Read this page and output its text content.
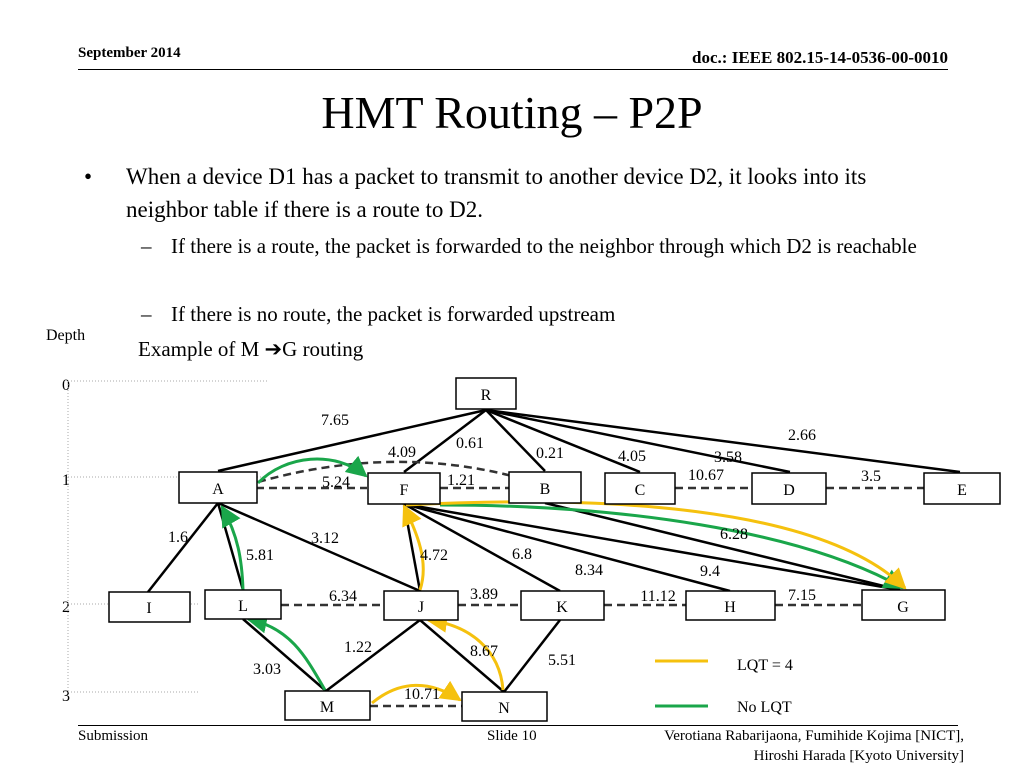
September 2014	doc.: IEEE 802.15-14-0536-00-0010
HMT Routing – P2P
• When a device D1 has a packet to transmit to another device D2, it looks into its neighbor table if there is a route to D2.
– If there is a route, the packet is forwarded to the neighbor through which D2 is reachable
– If there is no route, the packet is forwarded upstream
Example of M ➔G routing
Depth
0
1
2
3
R
A	F	B	C	D	E
I	L	J	K	H	G
M	N
7.65
0.61
0.21	4.05	3.58
2.66
4.09
5.24	1.21	10.67	3.5
1.6
5.81
3.12
4.72	6.8
8.34	9.4
6.28
6.34	3.89	11.12	7.15
3.03
1.22	8.67
5.51
10.71
LQT = 4
No LQT
Submission	Slide 10	Verotiana Rabarijaona, Fumihide Kojima [NICT],
Hiroshi Harada [Kyoto University]
